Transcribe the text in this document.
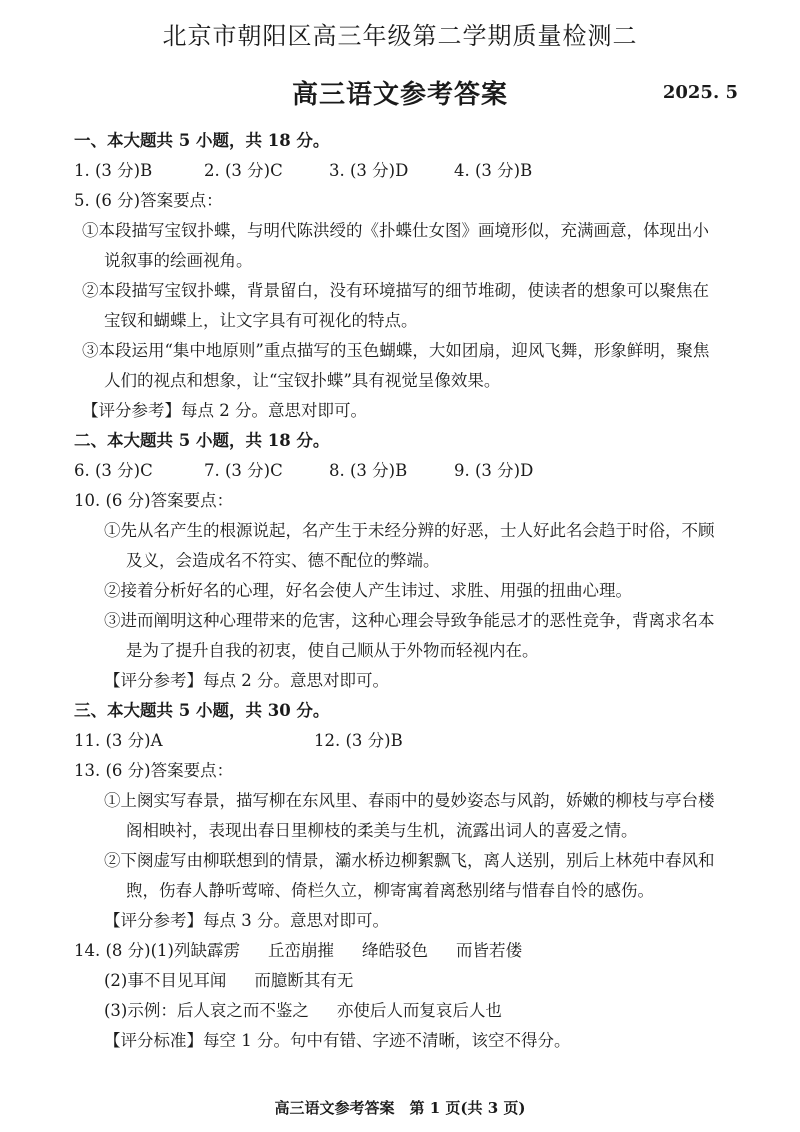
北京市朝阳区高三年级第二学期质量检测二
高三语文参考答案	2025. 5
一、本大题共 5 小题，共 18 分。
1. (3 分)B	2. (3 分)C	3. (3 分)D	4. (3 分)B
5. (6 分)答案要点：
①本段描写宝钗扑蝶，与明代陈洪绶的《扑蝶仕女图》画境形似，充满画意，体现出小
说叙事的绘画视角。
②本段描写宝钗扑蝶，背景留白，没有环境描写的细节堆砌，使读者的想象可以聚焦在
宝钗和蝴蝶上，让文字具有可视化的特点。
③本段运用“集中地原则”重点描写的玉色蝴蝶，大如团扇，迎风飞舞，形象鲜明，聚焦
人们的视点和想象，让“宝钗扑蝶”具有视觉呈像效果。
【评分参考】每点 2 分。意思对即可。
二、本大题共 5 小题，共 18 分。
6. (3 分)C	7. (3 分)C	8. (3 分)B	9. (3 分)D
10. (6 分)答案要点：
①先从名产生的根源说起，名产生于未经分辨的好恶，士人好此名会趋于时俗，不顾
及义，会造成名不符实、德不配位的弊端。
②接着分析好名的心理，好名会使人产生讳过、求胜、用强的扭曲心理。
③进而阐明这种心理带来的危害，这种心理会导致争能忌才的恶性竞争，背离求名本
是为了提升自我的初衷，使自己顺从于外物而轻视内在。
【评分参考】每点 2 分。意思对即可。
三、本大题共 5 小题，共 30 分。
11. (3 分)A	12. (3 分)B
13. (6 分)答案要点：
①上阕实写春景，描写柳在东风里、春雨中的曼妙姿态与风韵，娇嫩的柳枝与亭台楼
阁相映衬，表现出春日里柳枝的柔美与生机，流露出词人的喜爱之情。
②下阕虚写由柳联想到的情景，灞水桥边柳絮飘飞，离人送别，别后上林苑中春风和
煦，伤春人静听莺啼、倚栏久立，柳寄寓着离愁别绪与惜春自怜的感伤。
【评分参考】每点 3 分。意思对即可。
14. (8 分)(1)列缺霹雳 丘峦崩摧 绛皓驳色 而皆若偻
(2)事不目见耳闻 而臆断其有无
(3)示例：后人哀之而不鉴之 亦使后人而复哀后人也
【评分标准】每空 1 分。句中有错、字迹不清晰，该空不得分。
高三语文参考答案　第 1 页(共 3 页)
